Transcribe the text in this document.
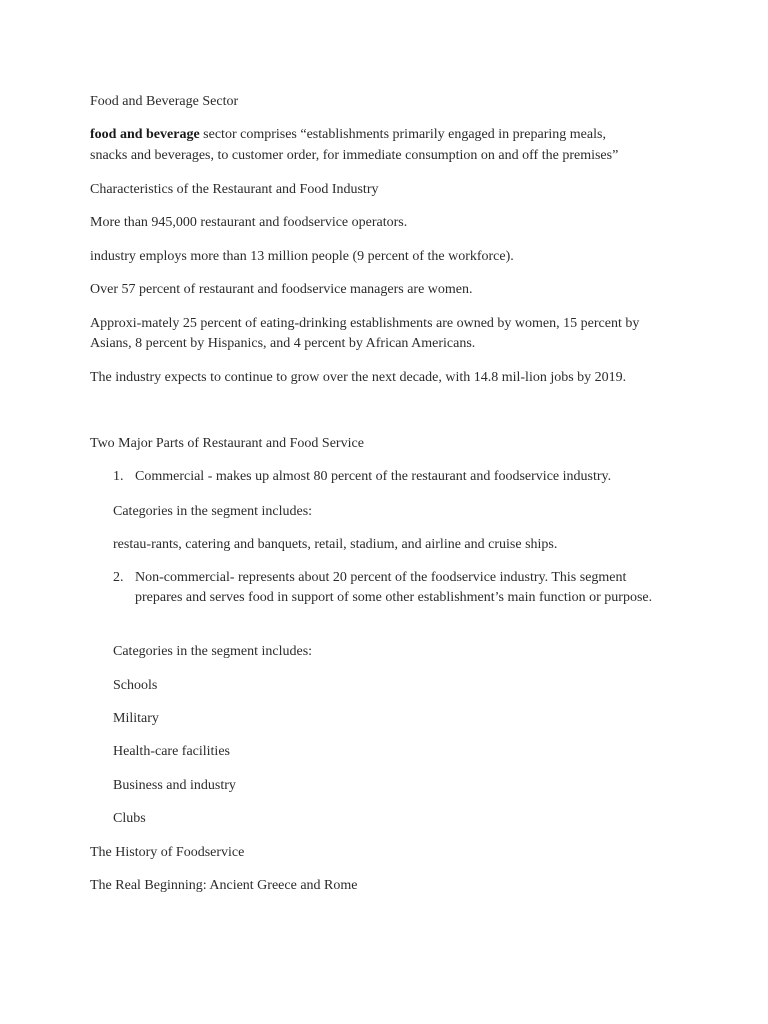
Food and Beverage Sector

food and beverage sector comprises “establishments primarily engaged in preparing meals,

snacks and beverages, to customer order, for immediate consumption on and off the premises”

Characteristics of the Restaurant and Food Industry

More than 945,000 restaurant and foodservice operators.

industry employs more than 13 million people (9 percent of the workforce).

Over 57 percent of restaurant and foodservice managers are women.

Approxi-mately 25 percent of eating-drinking establishments are owned by women, 15 percent by Asians, 8 percent by Hispanics, and 4 percent by African Americans.

The industry expects to continue to grow over the next decade, with 14.8 mil-lion jobs by 2019.

Two Major Parts of Restaurant and Food Service

1. Commercial - makes up almost 80 percent of the restaurant and foodservice industry.

Categories in the segment includes:

restau-rants, catering and banquets, retail, stadium, and airline and cruise ships.

2. Non-commercial- represents about 20 percent of the foodservice industry. This segment prepares and serves food in support of some other establishment’s main function or purpose.

Categories in the segment includes:

Schools

Military

Health-care facilities

Business and industry

Clubs

The History of Foodservice

The Real Beginning: Ancient Greece and Rome
